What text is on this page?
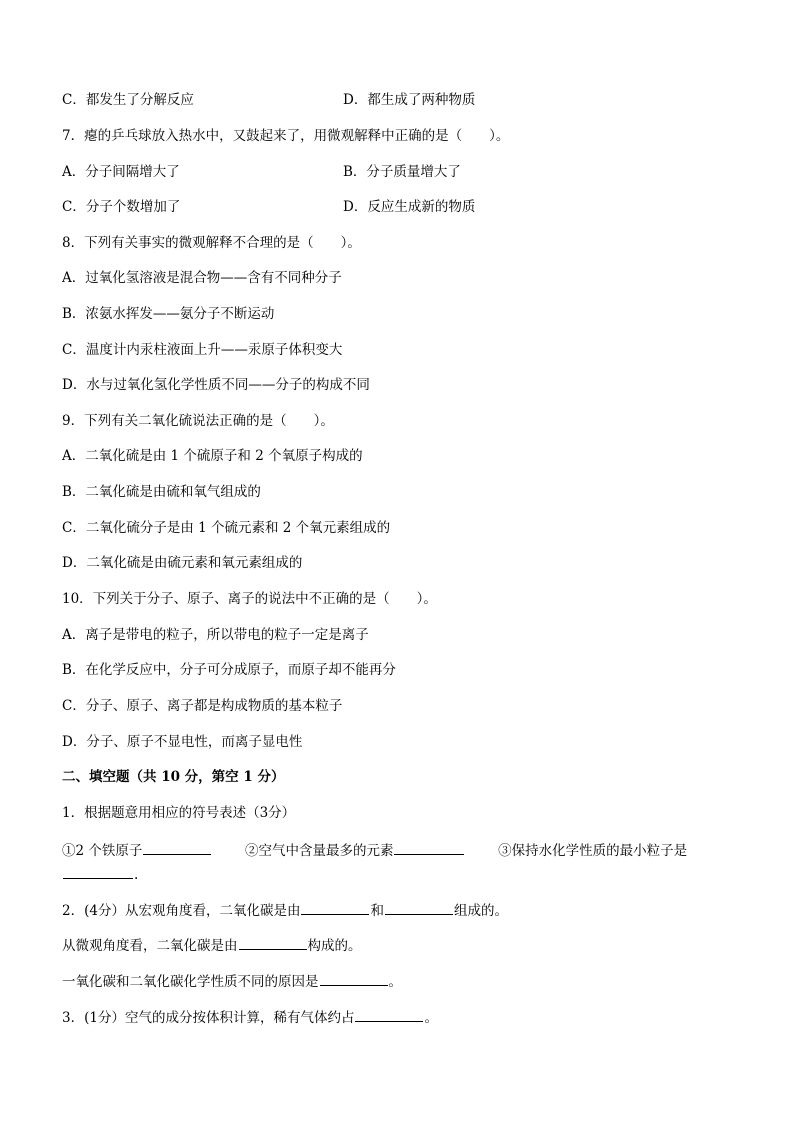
C．都发生了分解反应	D．都生成了两种物质
7．瘪的乒乓球放入热水中，又鼓起来了，用微观解释中正确的是（　　）。
A．分子间隔增大了	B．分子质量增大了
C．分子个数增加了	D．反应生成新的物质
8．下列有关事实的微观解释不合理的是（　　）。
A．过氧化氢溶液是混合物——含有不同种分子
B．浓氨水挥发——氨分子不断运动
C．温度计内汞柱液面上升——汞原子体积变大
D．水与过氧化氢化学性质不同——分子的构成不同
9．下列有关二氧化硫说法正确的是（　　）。
A．二氧化硫是由 1 个硫原子和 2 个氧原子构成的
B．二氧化硫是由硫和氧气组成的
C．二氧化硫分子是由 1 个硫元素和 2 个氧元素组成的
D．二氧化硫是由硫元素和氧元素组成的
10．下列关于分子、原子、离子的说法中不正确的是（　　）。
A．离子是带电的粒子，所以带电的粒子一定是离子
B．在化学反应中，分子可分成原子，而原子却不能再分
C．分子、原子、离子都是构成物质的基本粒子
D．分子、原子不显电性，而离子显电性
二、填空题（共 10 分，第空 1 分）
1．根据题意用相应的符号表述（3分）
①2 个铁原子	②空气中含量最多的元素	③保持水化学性质的最小粒子是
.
2．(4分）从宏观角度看，二氧化碳是由	和	组成的。
从微观角度看，二氧化碳是由	构成的。
一氧化碳和二氧化碳化学性质不同的原因是	。
3．(1分）空气的成分按体积计算，稀有气体约占	。
